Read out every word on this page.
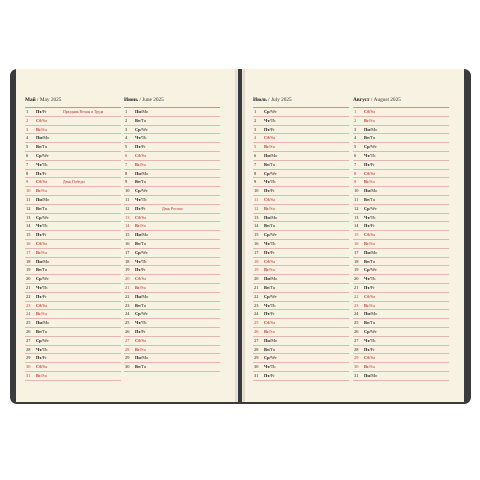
Май / May 2025
1	Пт/Fr	Праздник Весны и Труда
2	Сб/Sa
3	Вс/Su
4	Пн/Mo
5	Вт/Tu
6	Ср/We
7	Чт/Th
8	Пт/Fr
9	Сб/Sa	День Победы
10	Вс/Su
11	Пн/Mo
12	Вт/Tu
13	Ср/We
14	Чт/Th
15	Пт/Fr
16	Сб/Sa
17	Вс/Su
18	Пн/Mo
19	Вт/Tu
20	Ср/We
21	Чт/Th
22	Пт/Fr
23	Сб/Sa
24	Вс/Su
25	Пн/Mo
26	Вт/Tu
27	Ср/We
28	Чт/Th
29	Пт/Fr
30	Сб/Sa
31	Вс/Su
Июнь / June 2025
1	Пн/Mo
2	Вт/Tu
3	Ср/We
4	Чт/Th
5	Пт/Fr
6	Сб/Sa
7	Вс/Su
8	Пн/Mo
9	Вт/Tu
10	Ср/We
11	Чт/Th
12	Пт/Fr	День России
13	Сб/Sa
14	Вс/Su
15	Пн/Mo
16	Вт/Tu
17	Ср/We
18	Чт/Th
19	Пт/Fr
20	Сб/Sa
21	Вс/Su
22	Пн/Mo
23	Вт/Tu
24	Ср/We
25	Чт/Th
26	Пт/Fr
27	Сб/Sa
28	Вс/Su
29	Пн/Mo
30	Вт/Tu
Июль / July 2025
1	Ср/We
2	Чт/Th
3	Пт/Fr
4	Сб/Sa
5	Вс/Su
6	Пн/Mo
7	Вт/Tu
8	Ср/We
9	Чт/Th
10	Пт/Fr
11	Сб/Sa
12	Вс/Su
13	Пн/Mo
14	Вт/Tu
15	Ср/We
16	Чт/Th
17	Пт/Fr
18	Сб/Sa
19	Вс/Su
20	Пн/Mo
21	Вт/Tu
22	Ср/We
23	Чт/Th
24	Пт/Fr
25	Сб/Sa
26	Вс/Su
27	Пн/Mo
28	Вт/Tu
29	Ср/We
30	Чт/Th
31	Пт/Fr
Август / August 2025
1	Сб/Sa
2	Вс/Su
3	Пн/Mo
4	Вт/Tu
5	Ср/We
6	Чт/Th
7	Пт/Fr
8	Сб/Sa
9	Вс/Su
10	Пн/Mo
11	Вт/Tu
12	Ср/We
13	Чт/Th
14	Пт/Fr
15	Сб/Sa
16	Вс/Su
17	Пн/Mo
18	Вт/Tu
19	Ср/We
20	Чт/Th
21	Пт/Fr
22	Сб/Sa
23	Вс/Su
24	Пн/Mo
25	Вт/Tu
26	Ср/We
27	Чт/Th
28	Пт/Fr
29	Сб/Sa
30	Вс/Su
31	Пн/Mo
